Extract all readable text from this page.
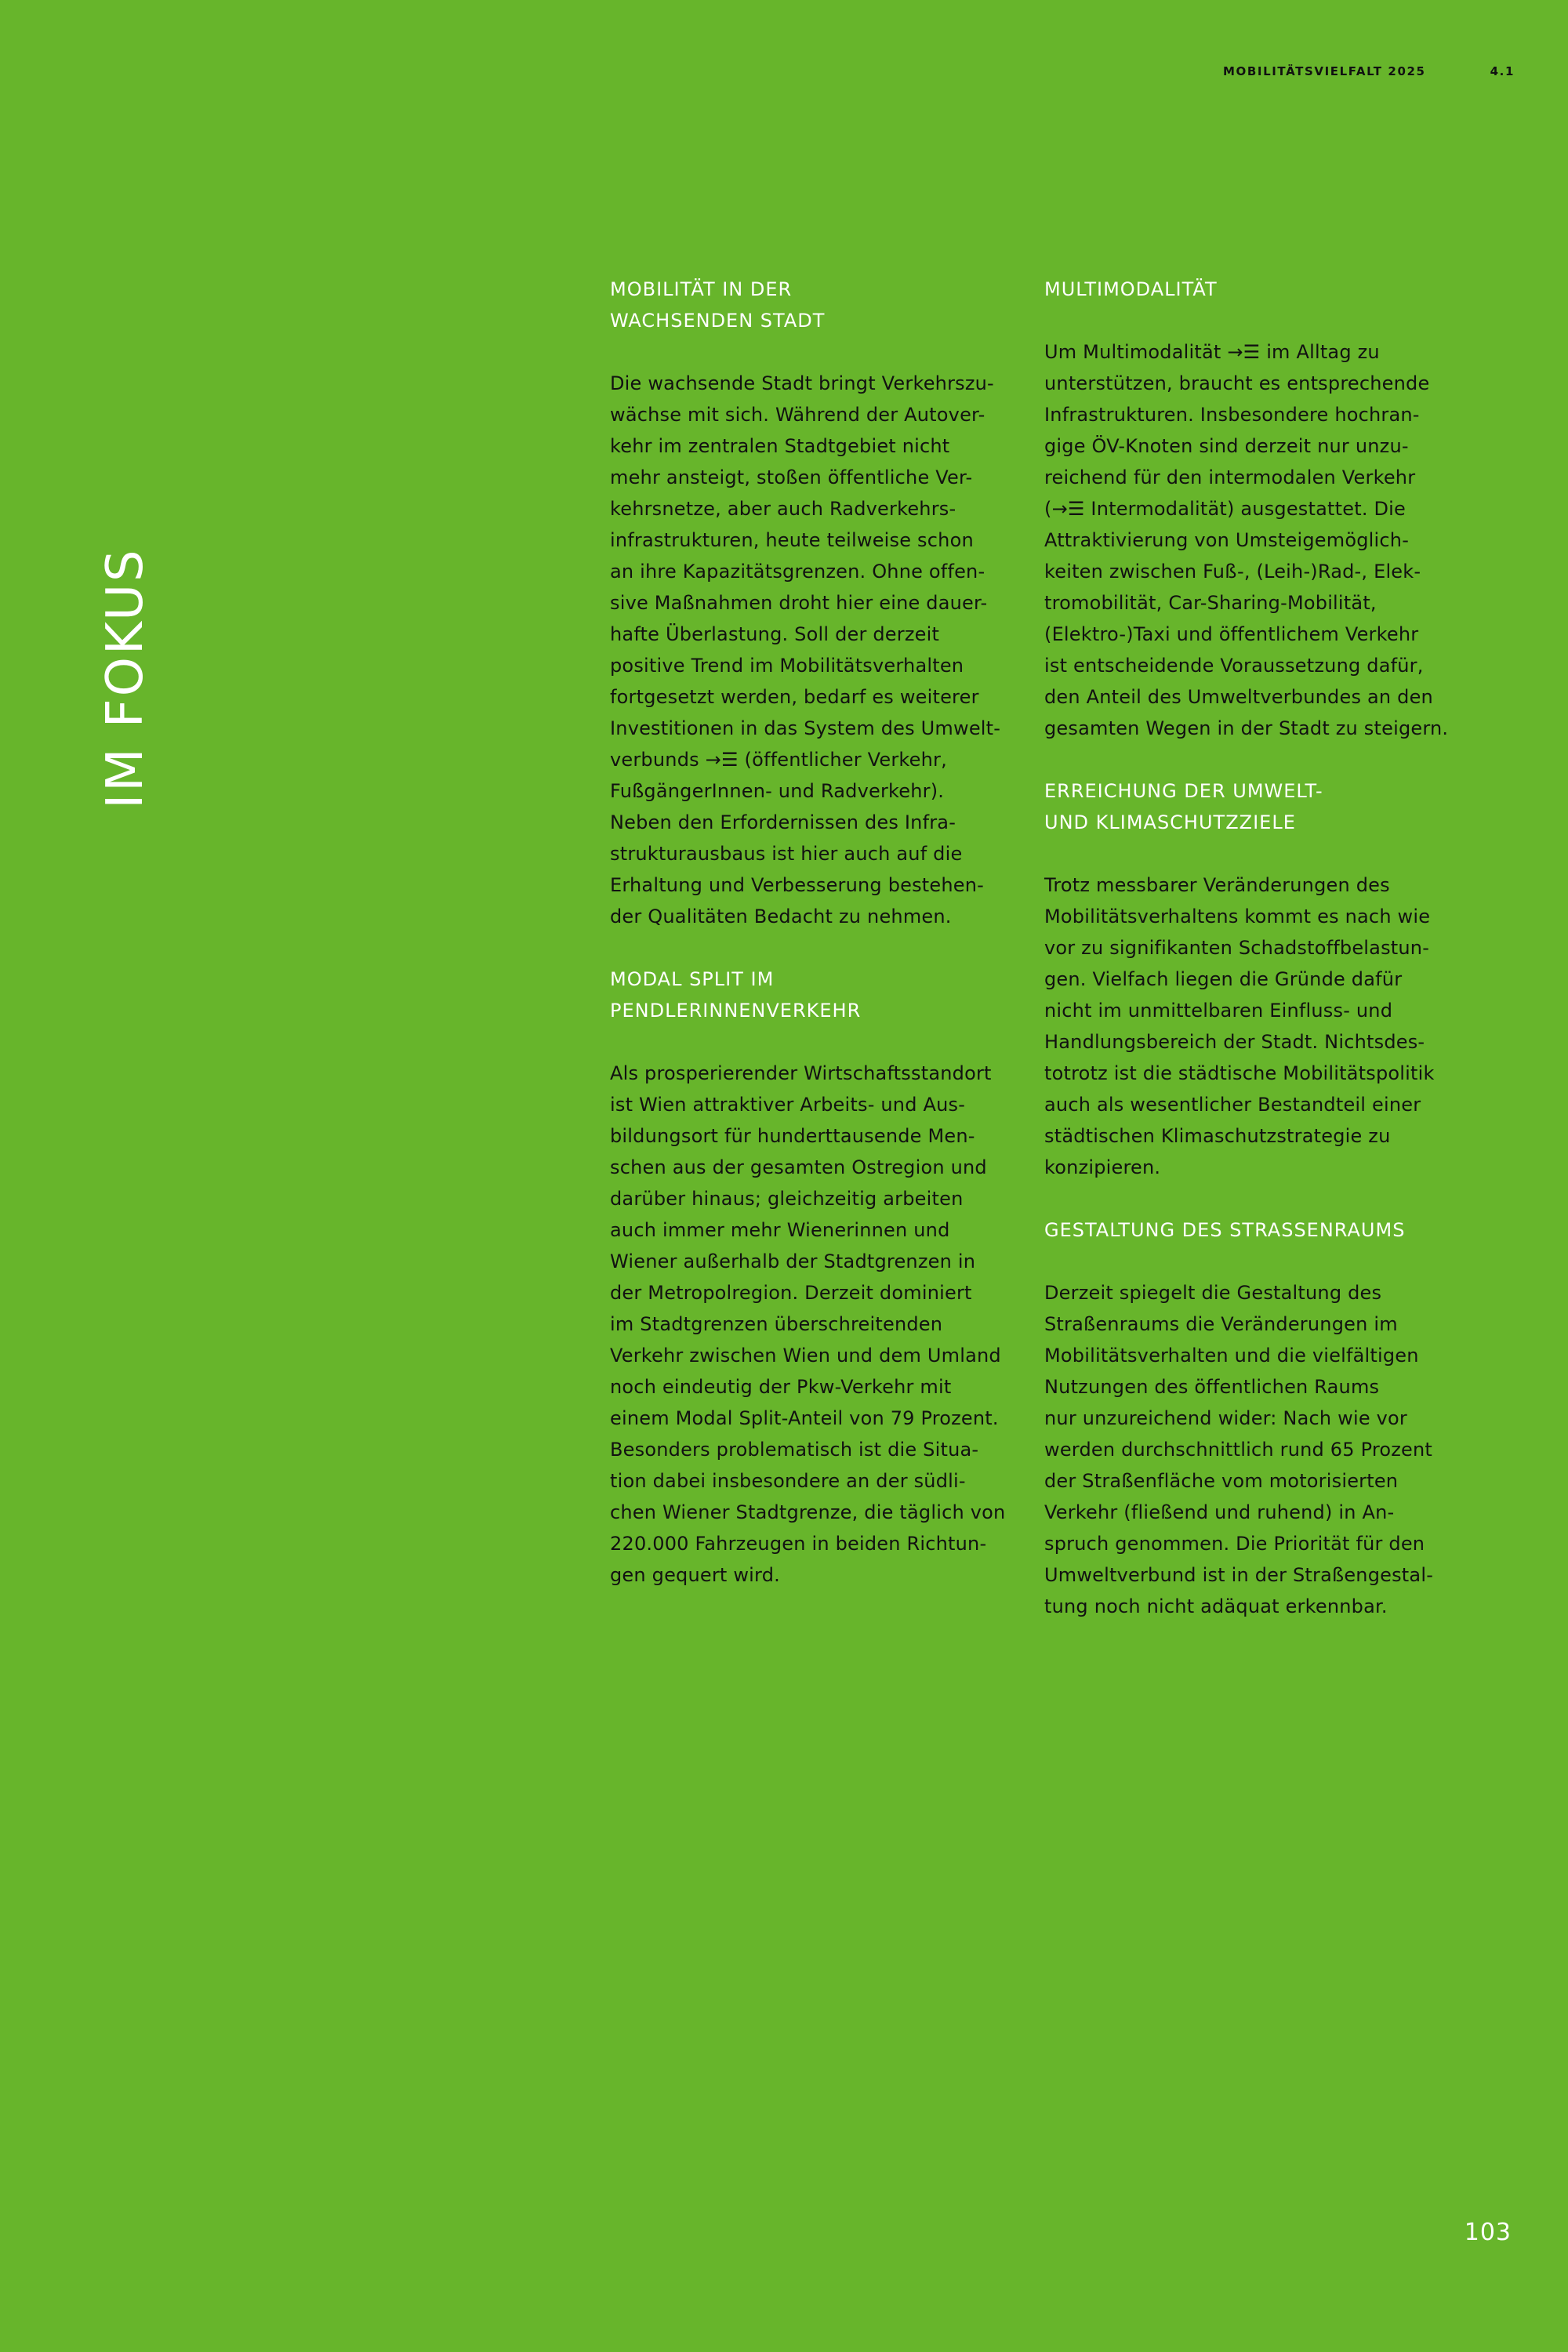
MOBILITÄTSVIELFALT 2025	4.1
IM FOKUS
MOBILITÄT IN DER
WACHSENDEN STADT
Die wachsende Stadt bringt Verkehrszu-
wächse mit sich. Während der Autover-
kehr im zentralen Stadtgebiet nicht
mehr ansteigt, stoßen öffentliche Ver-
kehrsnetze, aber auch Radverkehrs-
infrastrukturen, heute teilweise schon
an ihre Kapazitätsgrenzen. Ohne offen-
sive Maßnahmen droht hier eine dauer-
hafte Überlastung. Soll der derzeit
positive Trend im Mobilitätsverhalten
fortgesetzt werden, bedarf es weiterer
Investitionen in das System des Umwelt-
verbunds →☰ (öffentlicher Verkehr,
FußgängerInnen- und Radverkehr).
Neben den Erfordernissen des Infra-
strukturausbaus ist hier auch auf die
Erhaltung und Verbesserung bestehen-
der Qualitäten Bedacht zu nehmen.
MODAL SPLIT IM
PENDLERINNENVERKEHR
Als prosperierender Wirtschaftsstandort
ist Wien attraktiver Arbeits- und Aus-
bildungsort für hunderttausende Men-
schen aus der gesamten Ostregion und
darüber hinaus; gleichzeitig arbeiten
auch immer mehr Wienerinnen und
Wiener außerhalb der Stadtgrenzen in
der Metropolregion. Derzeit dominiert
im Stadtgrenzen überschreitenden
Verkehr zwischen Wien und dem Umland
noch eindeutig der Pkw-Verkehr mit
einem Modal Split-Anteil von 79 Prozent.
Besonders problematisch ist die Situa-
tion dabei insbesondere an der südli-
chen Wiener Stadtgrenze, die täglich von
220.000 Fahrzeugen in beiden Richtun-
gen gequert wird.
MULTIMODALITÄT
Um Multimodalität →☰ im Alltag zu
unterstützen, braucht es entsprechende
Infrastrukturen. Insbesondere hochran-
gige ÖV-Knoten sind derzeit nur unzu-
reichend für den intermodalen Verkehr
(→☰ Intermodalität) ausgestattet. Die
Attraktivierung von Umsteigemöglich-
keiten zwischen Fuß-, (Leih-)Rad-, Elek-
tromobilität, Car-Sharing-Mobilität,
(Elektro-)Taxi und öffentlichem Verkehr
ist entscheidende Voraussetzung dafür,
den Anteil des Umweltverbundes an den
gesamten Wegen in der Stadt zu steigern.
ERREICHUNG DER UMWELT-
UND KLIMASCHUTZZIELE
Trotz messbarer Veränderungen des
Mobilitätsverhaltens kommt es nach wie
vor zu signifikanten Schadstoffbelastun-
gen. Vielfach liegen die Gründe dafür
nicht im unmittelbaren Einfluss- und
Handlungsbereich der Stadt. Nichtsdes-
totrotz ist die städtische Mobilitätspolitik
auch als wesentlicher Bestandteil einer
städtischen Klimaschutzstrategie zu
konzipieren.
GESTALTUNG DES STRASSENRAUMS
Derzeit spiegelt die Gestaltung des
Straßenraums die Veränderungen im
Mobilitätsverhalten und die vielfältigen
Nutzungen des öffentlichen Raums
nur unzureichend wider: Nach wie vor
werden durchschnittlich rund 65 Prozent
der Straßenfläche vom motorisierten
Verkehr (fließend und ruhend) in An-
spruch genommen. Die Priorität für den
Umweltverbund ist in der Straßengestal-
tung noch nicht adäquat erkennbar.
103
